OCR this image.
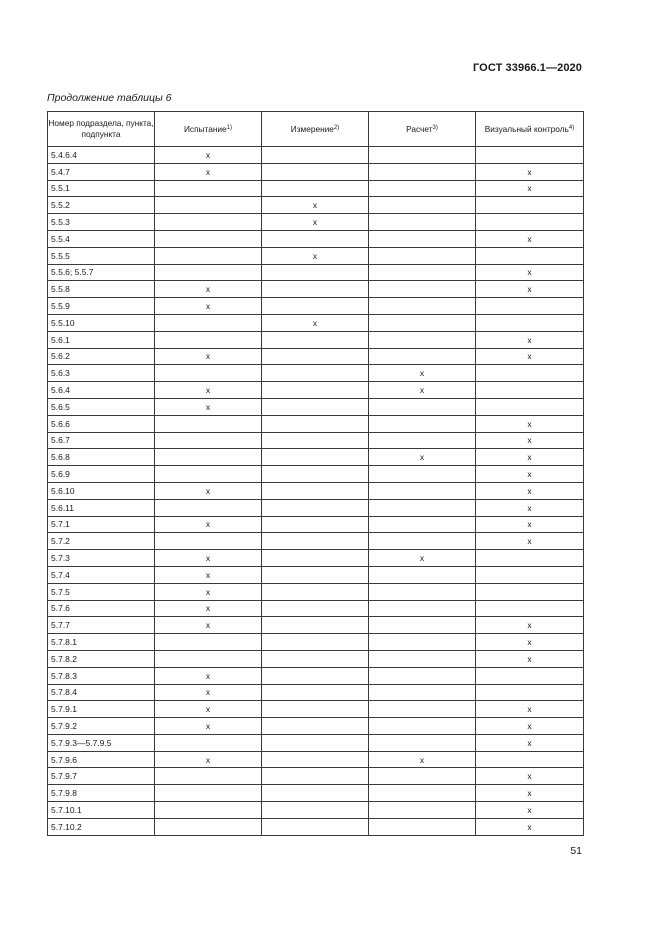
ГОСТ 33966.1—2020
Продолжение таблицы 6
Номер подраздела, пункта, подпункта	Испытание$^{1)}$	Измерение$^{2)}$	Расчет$^{3)}$	Визуальный контроль$^{4)}$
5.4.6.4	x			
5.4.7	x			x
5.5.1				x
5.5.2		x		
5.5.3		x		
5.5.4				x
5.5.5		x		
5.5.6; 5.5.7				x
5.5.8	x			x
5.5.9	x			
5.5.10		x		
5.6.1				x
5.6.2	x			x
5.6.3			x	
5.6.4	x		x	
5.6.5	x			
5.6.6				x
5.6.7				x
5.6.8			x	x
5.6.9				x
5.6.10	x			x
5.6.11				x
5.7.1	x			x
5.7.2				x
5.7.3	x		x	
5.7.4	x			
5.7.5	x			
5.7.6	x			
5.7.7	x			x
5.7.8.1				x
5.7.8.2				x
5.7.8.3	x			
5.7.8.4	x			
5.7.9.1	x			x
5.7.9.2	x			x
5.7.9.3—5.7.9.5				x
5.7.9.6	x		x	
5.7.9.7				x
5.7.9.8				x
5.7.10.1				x
5.7.10.2				x
51
